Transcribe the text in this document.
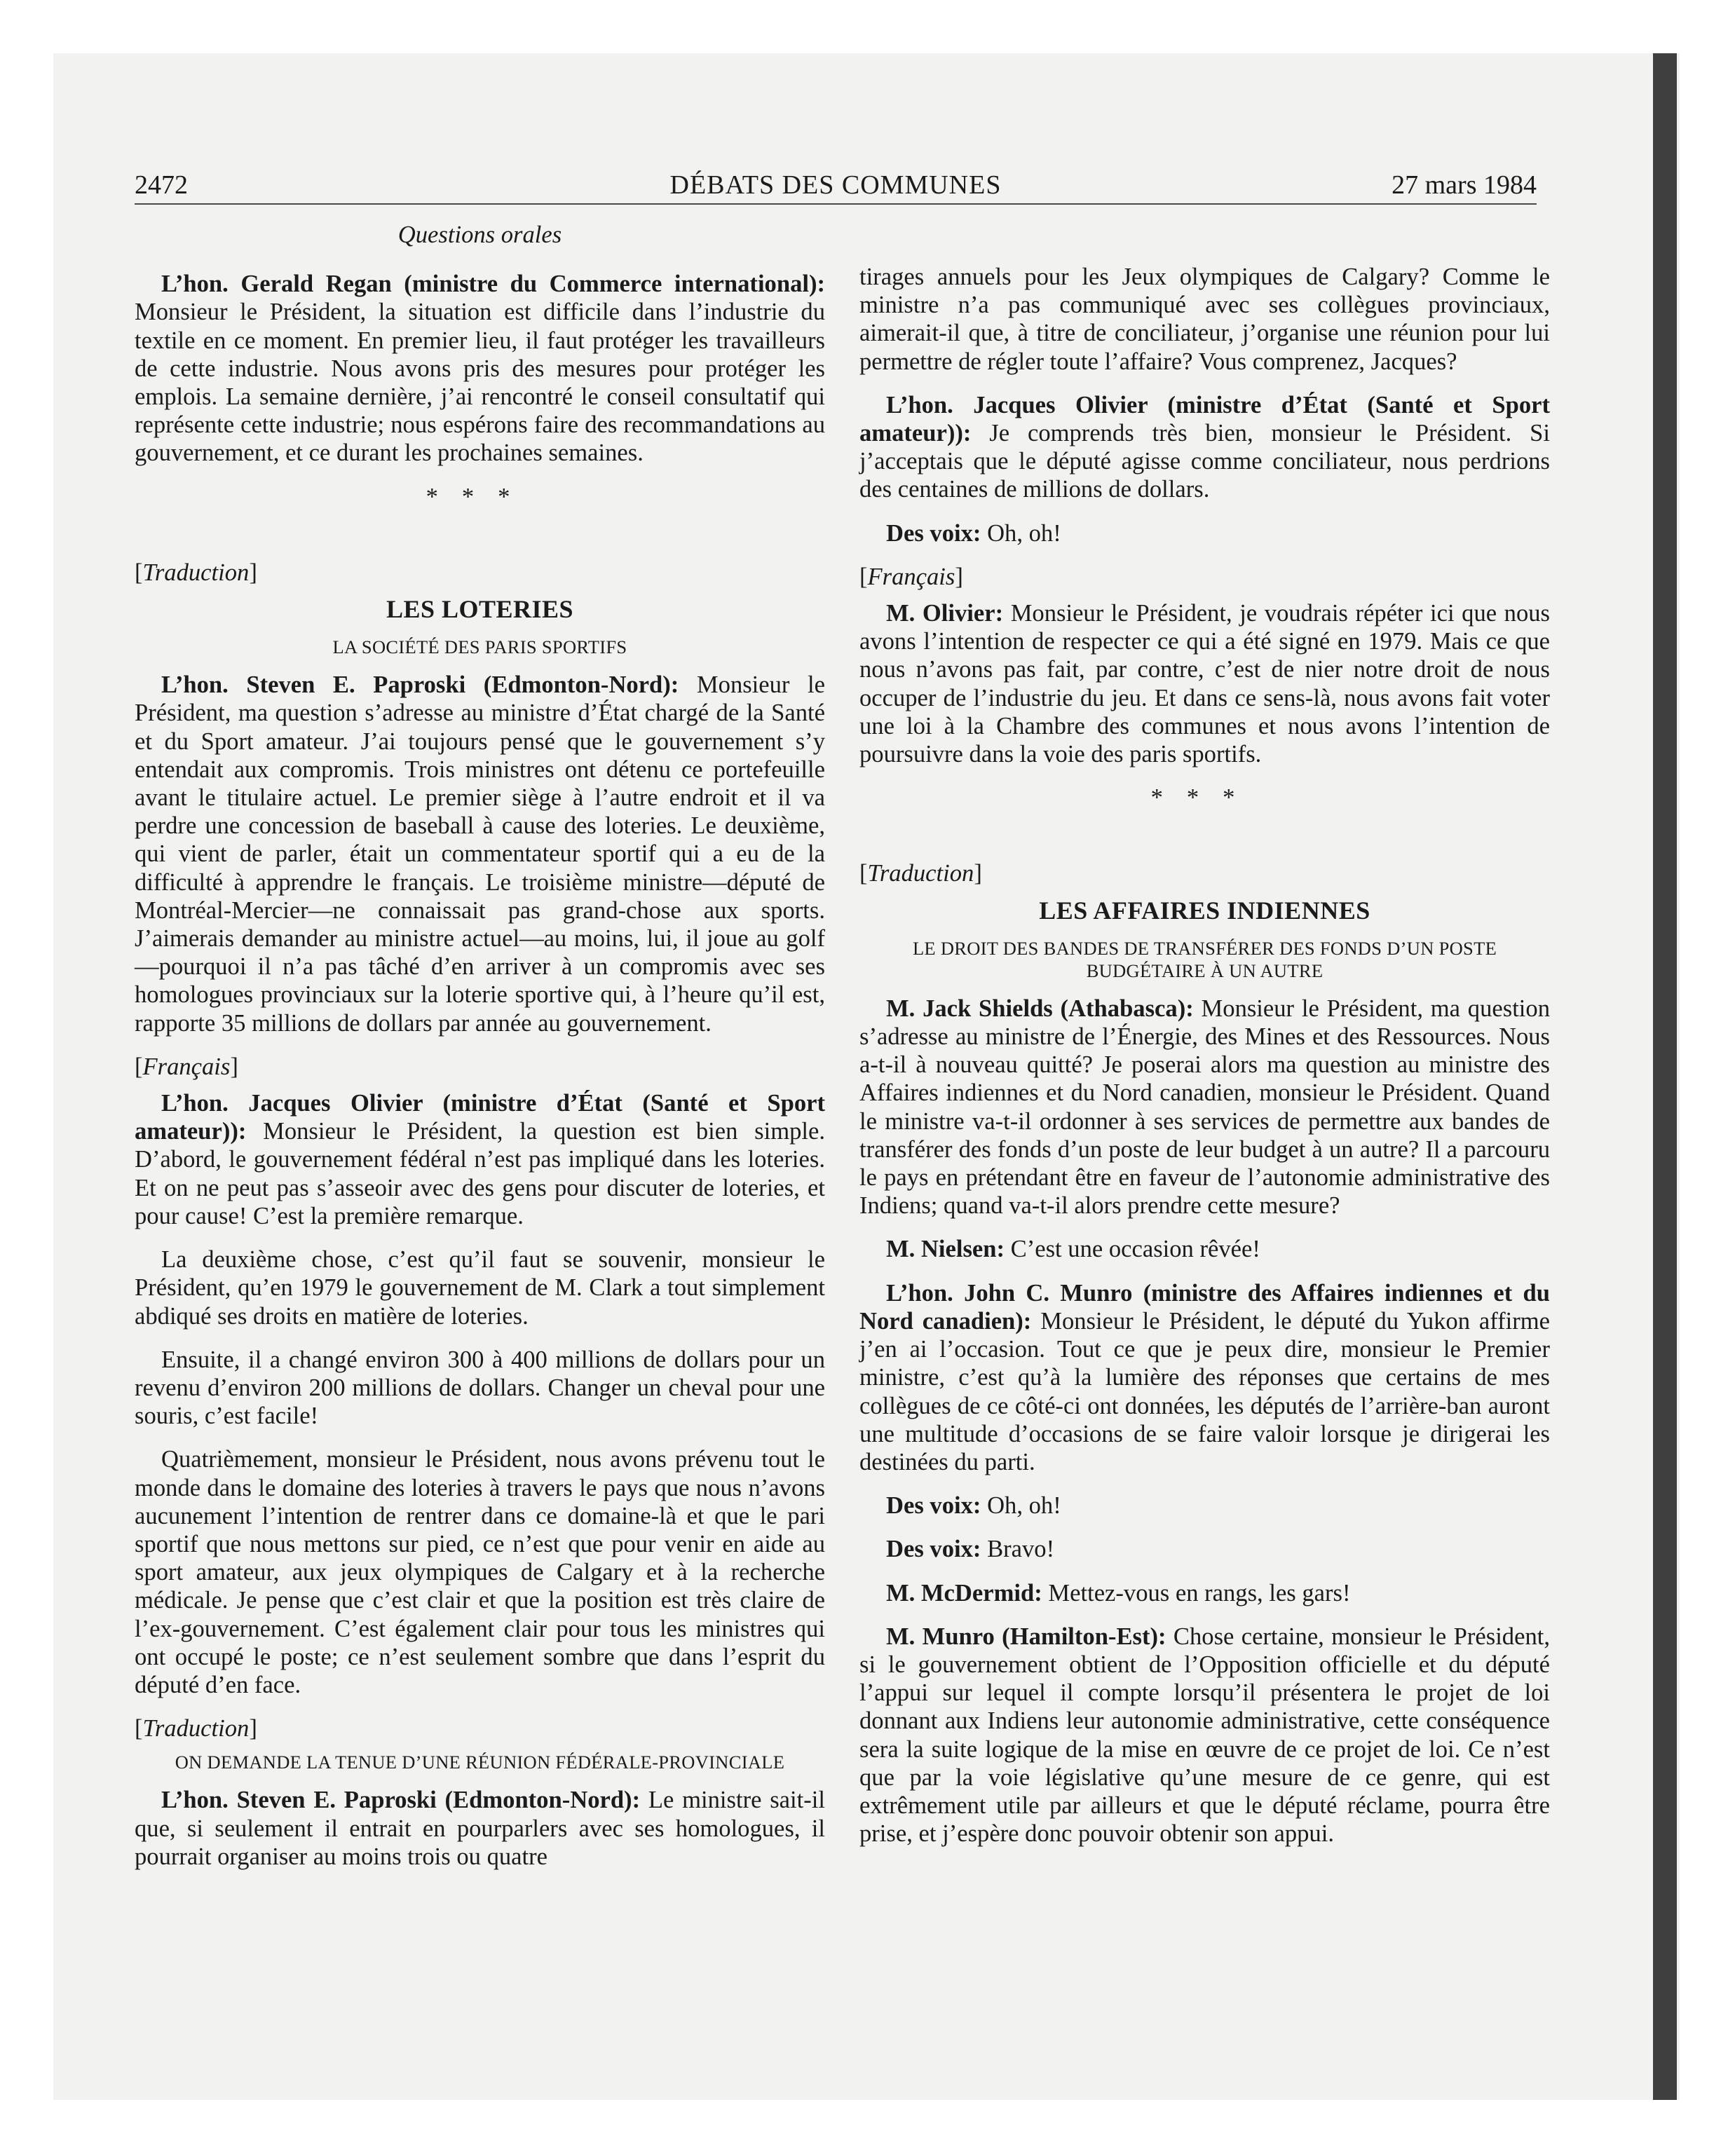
2472	DÉBATS DES COMMUNES	27 mars 1984
Questions orales

L’hon. Gerald Regan (ministre du Commerce international): Monsieur le Président, la situation est difficile dans l’industrie du textile en ce moment. En premier lieu, il faut protéger les travailleurs de cette industrie. Nous avons pris des mesures pour protéger les emplois. La semaine dernière, j’ai rencontré le conseil consultatif qui représente cette industrie; nous espérons faire des recommandations au gouvernement, et ce durant les prochaines semaines.

***
[Traduction]
LES LOTERIES
LA SOCIÉTÉ DES PARIS SPORTIFS

L’hon. Steven E. Paproski (Edmonton-Nord): Monsieur le Président, ma question s’adresse au ministre d’État chargé de la Santé et du Sport amateur. J’ai toujours pensé que le gouvernement s’y entendait aux compromis. Trois ministres ont détenu ce portefeuille avant le titulaire actuel. Le premier siège à l’autre endroit et il va perdre une concession de baseball à cause des loteries. Le deuxième, qui vient de parler, était un commentateur sportif qui a eu de la difficulté à apprendre le français. Le troisième ministre—député de Montréal-Mercier—ne connaissait pas grand-chose aux sports. J’aimerais demander au ministre actuel—au moins, lui, il joue au golf—pourquoi il n’a pas tâché d’en arriver à un compromis avec ses homologues provinciaux sur la loterie sportive qui, à l’heure qu’il est, rapporte 35 millions de dollars par année au gouvernement.

[Français]

L’hon. Jacques Olivier (ministre d’État (Santé et Sport amateur)): Monsieur le Président, la question est bien simple. D’abord, le gouvernement fédéral n’est pas impliqué dans les loteries. Et on ne peut pas s’asseoir avec des gens pour discuter de loteries, et pour cause! C’est la première remarque.

La deuxième chose, c’est qu’il faut se souvenir, monsieur le Président, qu’en 1979 le gouvernement de M. Clark a tout simplement abdiqué ses droits en matière de loteries.

Ensuite, il a changé environ 300 à 400 millions de dollars pour un revenu d’environ 200 millions de dollars. Changer un cheval pour une souris, c’est facile!

Quatrièmement, monsieur le Président, nous avons prévenu tout le monde dans le domaine des loteries à travers le pays que nous n’avons aucunement l’intention de rentrer dans ce domaine-là et que le pari sportif que nous mettons sur pied, ce n’est que pour venir en aide au sport amateur, aux jeux olympiques de Calgary et à la recherche médicale. Je pense que c’est clair et que la position est très claire de l’ex-gouvernement. C’est également clair pour tous les ministres qui ont occupé le poste; ce n’est seulement sombre que dans l’esprit du député d’en face.

[Traduction]
ON DEMANDE LA TENUE D’UNE RÉUNION FÉDÉRALE-PROVINCIALE

L’hon. Steven E. Paproski (Edmonton-Nord): Le ministre sait-il que, si seulement il entrait en pourparlers avec ses homologues, il pourrait organiser au moins trois ou quatre

tirages annuels pour les Jeux olympiques de Calgary? Comme le ministre n’a pas communiqué avec ses collègues provinciaux, aimerait-il que, à titre de conciliateur, j’organise une réunion pour lui permettre de régler toute l’affaire? Vous comprenez, Jacques?

L’hon. Jacques Olivier (ministre d’État (Santé et Sport amateur)): Je comprends très bien, monsieur le Président. Si j’acceptais que le député agisse comme conciliateur, nous perdrions des centaines de millions de dollars.

Des voix: Oh, oh!

[Français]

M. Olivier: Monsieur le Président, je voudrais répéter ici que nous avons l’intention de respecter ce qui a été signé en 1979. Mais ce que nous n’avons pas fait, par contre, c’est de nier notre droit de nous occuper de l’industrie du jeu. Et dans ce sens-là, nous avons fait voter une loi à la Chambre des communes et nous avons l’intention de poursuivre dans la voie des paris sportifs.

***
[Traduction]
LES AFFAIRES INDIENNES
LE DROIT DES BANDES DE TRANSFÉRER DES FONDS D’UN POSTE BUDGÉTAIRE À UN AUTRE

M. Jack Shields (Athabasca): Monsieur le Président, ma question s’adresse au ministre de l’Énergie, des Mines et des Ressources. Nous a-t-il à nouveau quitté? Je poserai alors ma question au ministre des Affaires indiennes et du Nord canadien, monsieur le Président. Quand le ministre va-t-il ordonner à ses services de permettre aux bandes de transférer des fonds d’un poste de leur budget à un autre? Il a parcouru le pays en prétendant être en faveur de l’autonomie administrative des Indiens; quand va-t-il alors prendre cette mesure?

M. Nielsen: C’est une occasion rêvée!

L’hon. John C. Munro (ministre des Affaires indiennes et du Nord canadien): Monsieur le Président, le député du Yukon affirme j’en ai l’occasion. Tout ce que je peux dire, monsieur le Premier ministre, c’est qu’à la lumière des réponses que certains de mes collègues de ce côté-ci ont données, les députés de l’arrière-ban auront une multitude d’occasions de se faire valoir lorsque je dirigerai les destinées du parti.

Des voix: Oh, oh!

Des voix: Bravo!

M. McDermid: Mettez-vous en rangs, les gars!

M. Munro (Hamilton-Est): Chose certaine, monsieur le Président, si le gouvernement obtient de l’Opposition officielle et du député l’appui sur lequel il compte lorsqu’il présentera le projet de loi donnant aux Indiens leur autonomie administrative, cette conséquence sera la suite logique de la mise en œuvre de ce projet de loi. Ce n’est que par la voie législative qu’une mesure de ce genre, qui est extrêmement utile par ailleurs et que le député réclame, pourra être prise, et j’espère donc pouvoir obtenir son appui.
